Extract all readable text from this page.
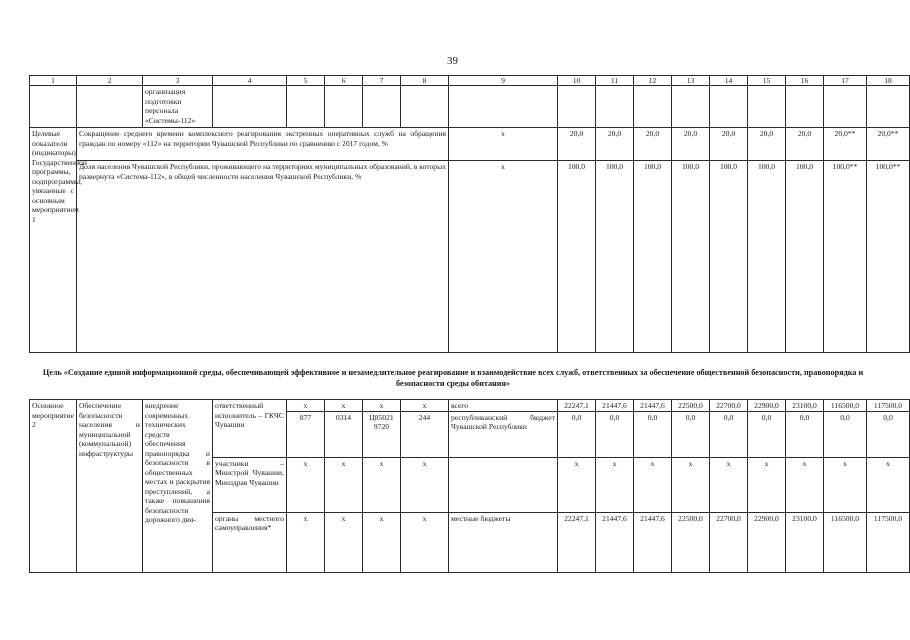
39
1	2	3	4	5	6	7	8	9	10	11	12	13	14	15	16	17	18
		организация подготовки персонала «Системы-112»															
Целевые показатели (индикаторы) Государственной программы, подпрограммы, увязанные с основным мероприятием 1	Сокращение среднего времени комплексного реагирования экстренных оперативных служб на обращения граждан по номеру «112» на территории Чувашской Республики по сравнению с 2017 годом, %							x	20,0	20,0	20,0	20,0	20,0	20,0	20,0	20,0**	20,0**
	Доля населения Чувашской Республики, проживающего на территориях муниципальных образований, в которых развернута «Система-112», в общей численности населения Чувашской Республики, %							x	100,0	100,0	100,0	100,0	100,0	100,0	100,0	100,0**	100,0**
Цель «Создание единой информационной среды, обеспечивающей эффективное и незамедлительное реагирование и взаимодействие всех служб, ответственных за обеспечение общественной безопасности, правопорядка и безопасности среды обитания»
Основное мероприятие 2	Обеспечение безопасности населения и муниципальной (коммунальной) инфраструктуры	внедрение современных технических средств обеспечения правопорядка и безопасности в общественных местах и раскрытия преступлений, а также повышения безопасности дорожного дви-	ответственный исполнитель – ГКЧС Чувашии	x	x	x	x	всего	22247,1	21447,6	21447,6	22500,0	22700,0	22900,0	23100,0	116500,0	117500,0
				877	0314	Ц85021 9720	244	республиканский бюджет Чувашской Республики	0,0	0,0	0,0	0,0	0,0	0,0	0,0	0,0	0,0
			участники – Минстрой Чувашии, Минздрав Чувашии	x	x	x	x		x	x	x	x	x	x	x	x	x
			органы местного самоуправления*	x	x	x	x	местные бюджеты	22247,1	21447,6	21447,6	22500,0	22700,0	22900,0	23100,0	116500,0	117500,0
